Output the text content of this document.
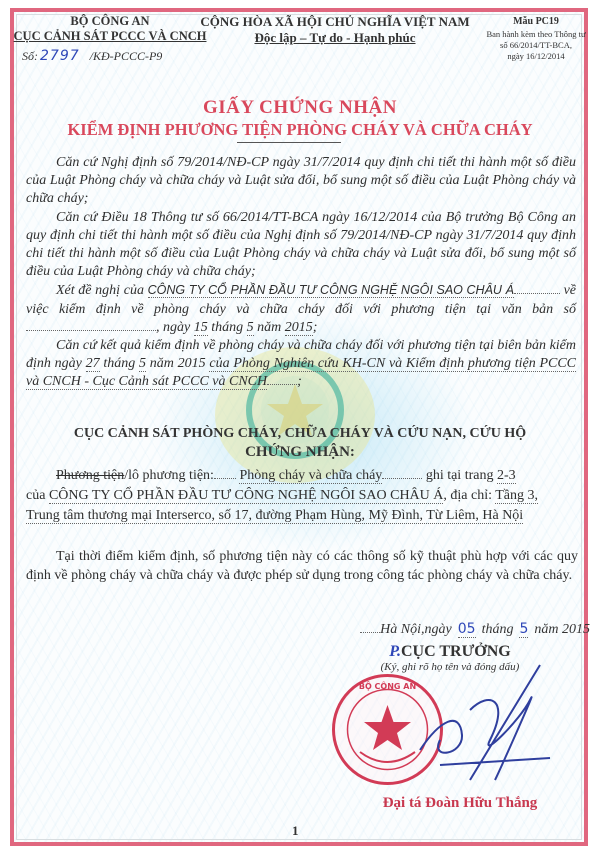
BỘ CÔNG AN
CỤC CẢNH SÁT PCCC VÀ CNCH
Số: 2797 /KĐ-PCCC-P9
CỘNG HÒA XÃ HỘI CHỦ NGHĨA VIỆT NAM
Độc lập – Tự do - Hạnh phúc
Mẫu PC19
Ban hành kèm theo Thông tư
số 66/2014/TT-BCA,
ngày 16/12/2014
GIẤY CHỨNG NHẬN
KIỂM ĐỊNH PHƯƠNG TIỆN PHÒNG CHÁY VÀ CHỮA CHÁY

Căn cứ Nghị định số 79/2014/NĐ-CP ngày 31/7/2014 quy định chi tiết thi hành một số điều của Luật Phòng cháy và chữa cháy và Luật sửa đổi, bổ sung một số điều của Luật Phòng cháy và chữa cháy;

Căn cứ Điều 18 Thông tư số 66/2014/TT-BCA ngày 16/12/2014 của Bộ trưởng Bộ Công an quy định chi tiết thi hành một số điều của Nghị định số 79/2014/NĐ-CP ngày 31/7/2014 quy định chi tiết thi hành một số điều của Luật Phòng cháy và chữa cháy và Luật sửa đổi, bổ sung một số điều của Luật Phòng cháy và chữa cháy;

Xét đề nghị của CÔNG TY CỔ PHẦN ĐẦU TƯ CÔNG NGHỆ NGÔI SAO CHÂU Á	về việc kiểm định về phòng cháy và chữa cháy đối với phương tiện tại văn bản số, ngày 15 tháng 5 năm 2015;

Căn cứ kết quả kiểm định về phòng cháy và chữa cháy đối với phương tiện tại biên bản kiểm định ngày 27 tháng 5 năm 2015 của Phòng Nghiên cứu KH-CN và Kiểm định phương tiện PCCC và CNCH - Cục Cảnh sát PCCC và CNCH ;

CỤC CẢNH SÁT PHÒNG CHÁY, CHỮA CHÁY VÀ CỨU NẠN, CỨU HỘ
CHỨNG NHẬN:

Phương tiện/lô phương tiện: Phòng cháy và chữa cháy	ghi tại trang 2-3

của CÔNG TY CỔ PHẦN ĐẦU TƯ CÔNG NGHỆ NGÔI SAO CHÂU Á, địa chỉ: Tầng 3,

Trung tâm thương mại Interserco, số 17, đường Phạm Hùng, Mỹ Đình, Từ Liêm, Hà Nội

Tại thời điểm kiểm định, số phương tiện này có các thông số kỹ thuật phù hợp với các quy định về phòng cháy và chữa cháy và được phép sử dụng trong công tác phòng cháy và chữa cháy.

Hà Nội,ngày 05 tháng 5 năm 2015
P.CỤC TRƯỞNG
(Ký, ghi rõ họ tên và đóng dấu)
BỘ CÔNG AN
Đại tá Đoàn Hữu Thắng
1
